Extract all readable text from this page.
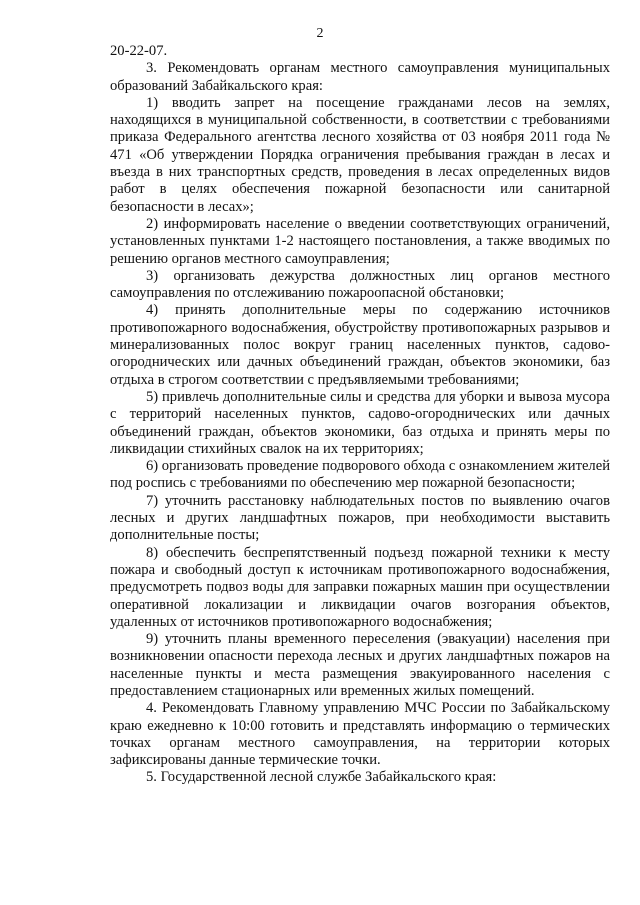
2

20-22-07.

3. Рекомендовать органам местного самоуправления муниципальных образований Забайкальского края:

1) вводить запрет на посещение гражданами лесов на землях, находящихся в муниципальной собственности, в соответствии с требованиями приказа Федерального агентства лесного хозяйства от 03 ноября 2011 года № 471 «Об утверждении Порядка ограничения пребывания граждан в лесах и въезда в них транспортных средств, проведения в лесах определенных видов работ в целях обеспечения пожарной безопасности или санитарной безопасности в лесах»;

2) информировать население о введении соответствующих ограничений, установленных пунктами 1-2 настоящего постановления, а также вводимых по решению органов местного самоуправления;

3) организовать дежурства должностных лиц органов местного самоуправления по отслеживанию пожароопасной обстановки;

4) принять дополнительные меры по содержанию источников противопожарного водоснабжения, обустройству противопожарных разрывов и минерализованных полос вокруг границ населенных пунктов, садово-огороднических или дачных объединений граждан, объектов экономики, баз отдыха в строгом соответствии с предъявляемыми требованиями;

5) привлечь дополнительные силы и средства для уборки и вывоза мусора с территорий населенных пунктов, садово-огороднических или дачных объединений граждан, объектов экономики, баз отдыха и принять меры по ликвидации стихийных свалок на их территориях;

6) организовать проведение подворового обхода с ознакомлением жителей под роспись с требованиями по обеспечению мер пожарной безопасности;

7) уточнить расстановку наблюдательных постов по выявлению очагов лесных и других ландшафтных пожаров, при необходимости выставить дополнительные посты;

8) обеспечить беспрепятственный подъезд пожарной техники к месту пожара и свободный доступ к источникам противопожарного водоснабжения, предусмотреть подвоз воды для заправки пожарных машин при осуществлении оперативной локализации и ликвидации очагов возгорания объектов, удаленных от источников противопожарного водоснабжения;

9) уточнить планы временного переселения (эвакуации) населения при возникновении опасности перехода лесных и других ландшафтных пожаров на населенные пункты и места размещения эвакуированного населения с предоставлением стационарных или временных жилых помещений.

4. Рекомендовать Главному управлению МЧС России по Забайкальскому краю ежедневно к 10:00 готовить и представлять информацию о термических точках органам местного самоуправления, на территории которых зафиксированы данные термические точки.

5. Государственной лесной службе Забайкальского края:
